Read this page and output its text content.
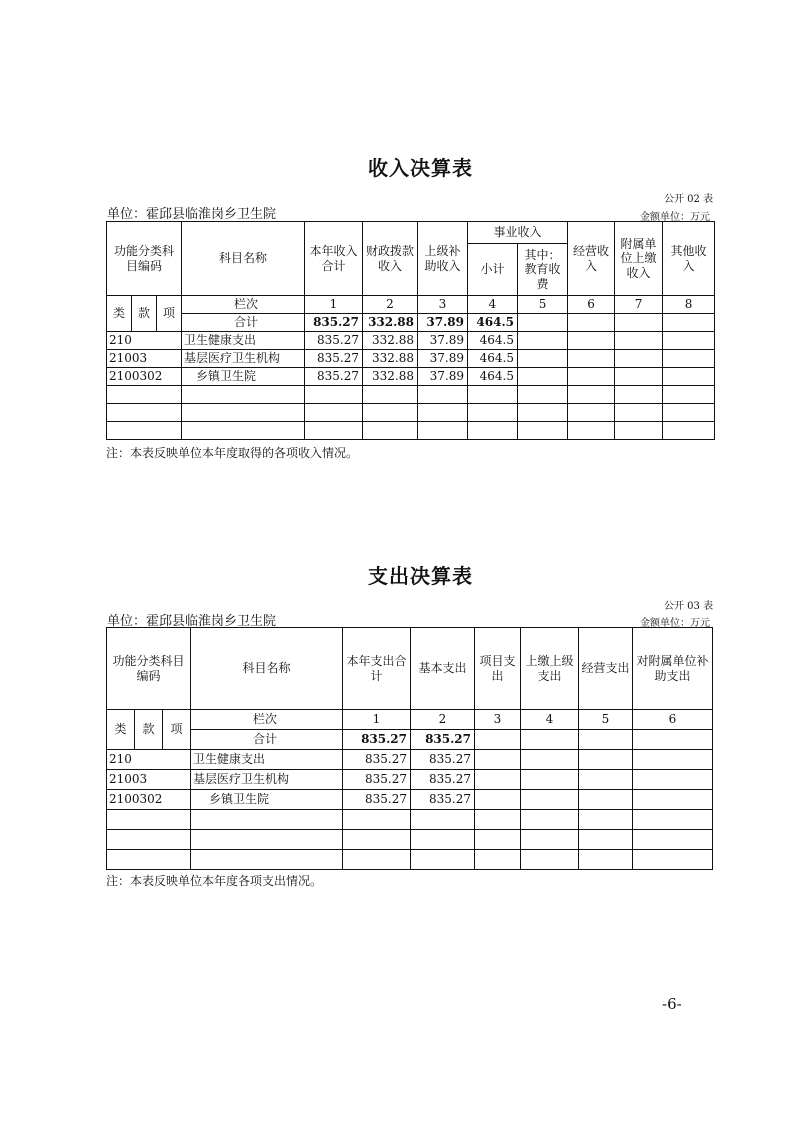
收入决算表
公开 02 表
单位：霍邱县临淮岗乡卫生院	金额单位：万元
功能分类科目编码			科目名称	本年收入合计	财政拨款收入	上级补助收入	事业收入		经营收入	附属单位上缴收入	其他收入
							小计	其中：教育收费			
类	款	项	栏次	1	2	3	4	5	6	7	8
			合计	835.27	332.88	37.89	464.5				
210			卫生健康支出	835.27	332.88	37.89	464.5				
21003			基层医疗卫生机构	835.27	332.88	37.89	464.5				
2100302			乡镇卫生院	835.27	332.88	37.89	464.5				

注：本表反映单位本年度取得的各项收入情况。
支出决算表
公开 03 表
单位：霍邱县临淮岗乡卫生院	金额单位：万元
功能分类科目编码			科目名称	本年支出合计	基本支出	项目支出	上缴上级支出	经营支出	对附属单位补助支出
类	款	项	栏次	1	2	3	4	5	6
			合计	835.27	835.27				
210			卫生健康支出	835.27	835.27				
21003			基层医疗卫生机构	835.27	835.27				
2100302			乡镇卫生院	835.27	835.27				

注：本表反映单位本年度各项支出情况。
-6-
